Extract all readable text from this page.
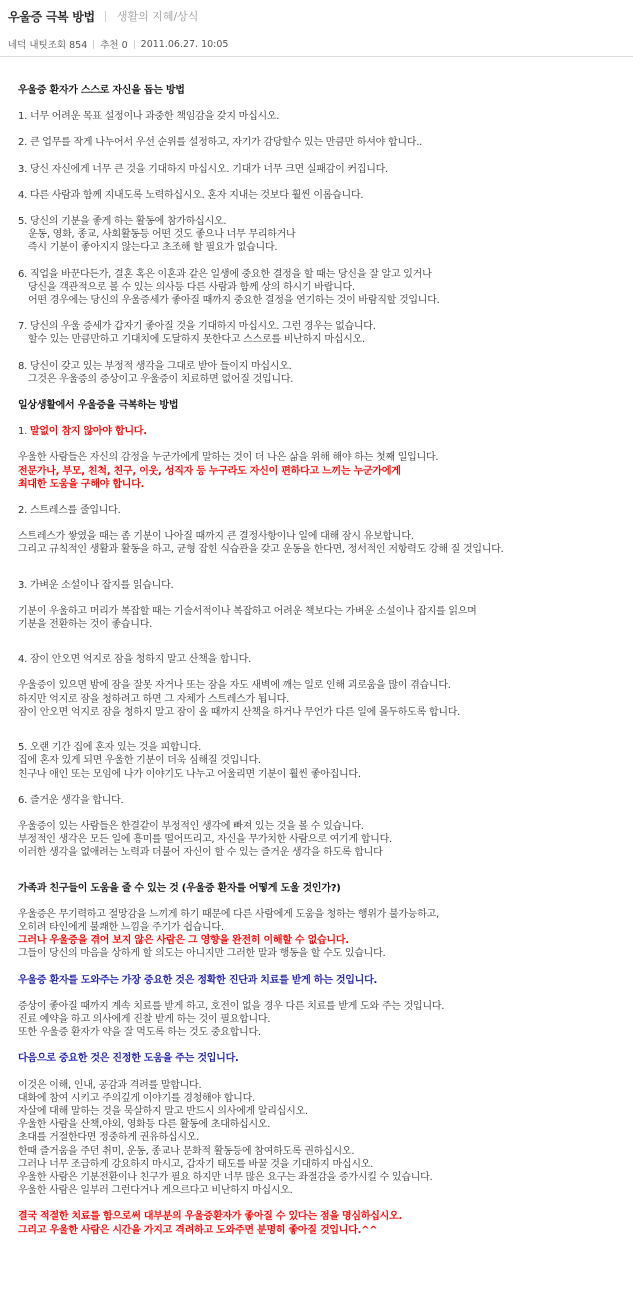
우울증 극복 방법 생활의 지혜/상식
네덕 내팃조회 854 추천 0 2011.06.27. 10:05
우울증 환자가 스스로 자신을 돕는 방법
1. 너무 어려운 목표 설정이나 과중한 책임감을 갖지 마십시오.
2. 큰 업무를 작게 나누어서 우선 순위를 설정하고, 자기가 감당할수 있는 만큼만 하셔야 합니다..
3. 당신 자신에게 너무 큰 것을 기대하지 마십시오. 기대가 너무 크면 실패감이 커집니다.
4. 다른 사람과 함께 지내도록 노력하십시오. 혼자 지내는 것보다 훨씬 이롭습니다.
5. 당신의 기분을 좋게 하는 활동에 참가하십시오.
운동, 영화, 종교, 사회활동등 어떤 것도 좋으나 너무 무리하거나
즉시 기분이 좋아지지 않는다고 초조해 할 필요가 없습니다.
6. 직업을 바꾼다든가, 결혼 혹은 이혼과 같은 일생에 중요한 결정을 할 때는 당신을 잘 알고 있거나
당신을 객관적으로 볼 수 있는 의사등 다른 사람과 함께 상의 하시기 바랍니다.
어떤 경우에는 당신의 우울증세가 좋아질 때까지 중요한 결정을 연기하는 것이 바람직할 것입니다.
7. 당신의 우울 증세가 갑자기 좋아질 것을 기대하지 마십시오. 그런 경우는 없습니다.
할수 있는 만큼만하고 기대치에 도달하지 못한다고 스스로를 비난하지 마십시오.
8. 당신이 갖고 있는 부정적 생각을 그대로 받아 들이지 마십시오.
그것은 우울증의 증상이고 우울증이 치료하면 없어질 것입니다.
일상생활에서 우울증을 극복하는 방법
1. 말없이 참지 않아야 합니다.
우울한 사람들은 자신의 감정을 누군가에게 말하는 것이 더 나은 삶을 위해 해야 하는 첫째 일입니다.
전문가나, 부모, 친척, 친구, 이웃, 성직자 등 누구라도 자신이 편하다고 느끼는 누군가에게
최대한 도움을 구해야 합니다.
2. 스트레스를 줄입니다.
스트레스가 쌓였을 때는 좀 기분이 나아질 때까지 큰 결정사항이나 일에 대해 잠시 유보합니다.
그리고 규칙적인 생활과 활동을 하고, 균형 잡힌 식습관을 갖고 운동을 한다면, 정서적인 저항력도 강해 질 것입니다.
3. 가벼운 소설이나 잡지를 읽습니다.
기분이 우울하고 머리가 복잡할 때는 기술서적이나 복잡하고 어려운 책보다는 가벼운 소설이나 잡지를 읽으며
기분을 전환하는 것이 좋습니다.
4. 잠이 안오면 억지로 잠을 청하지 말고 산책을 합니다.
우울증이 있으면 밤에 잠을 잘못 자거나 또는 잠을 자도 새벽에 깨는 일로 인해 괴로움을 많이 겪습니다.
하지만 억지로 잠을 청하려고 하면 그 자체가 스트레스가 됩니다.
잠이 안오면 억지로 잠을 청하지 말고 잠이 올 때까지 산책을 하거나 무언가 다른 일에 몰두하도록 합니다.
5. 오랜 기간 집에 혼자 있는 것을 피합니다.
집에 혼자 있게 되면 우울한 기분이 더욱 심해질 것입니다.
친구나 애인 또는 모임에 나가 이야기도 나누고 어울리면 기분이 훨씬 좋아집니다.
6. 즐거운 생각을 합니다.
우울증이 있는 사람들은 한결같이 부정적인 생각에 빠져 있는 것을 볼 수 있습니다.
부정적인 생각은 모든 일에 흥미를 떨어뜨리고, 자신을 무가치한 사람으로 여기게 합니다.
이러한 생각을 없애려는 노력과 더불어 자신이 할 수 있는 즐거운 생각을 하도록 합니다
가족과 친구들이 도움을 줄 수 있는 것 (우울증 환자를 어떻게 도울 것인가?)
우울증은 무기력하고 절망감을 느끼게 하기 때문에 다른 사람에게 도움을 청하는 행위가 불가능하고,
오히려 타인에게 불쾌한 느낌을 주기가 쉽습니다.
그러나 우울증을 겪어 보지 않은 사람은 그 영향을 완전히 이해할 수 없습니다.
그들이 당신의 마음을 상하게 할 의도는 아니지만 그러한 말과 행동을 할 수도 있습니다.
우울증 환자를 도와주는 가장 중요한 것은 정확한 진단과 치료를 받게 하는 것입니다.
증상이 좋아질 때까지 계속 치료를 받게 하고, 호전이 없을 경우 다른 치료를 받게 도와 주는 것입니다.
진료 예약을 하고 의사에게 진찰 받게 하는 것이 필요합니다.
또한 우울증 환자가 약을 잘 먹도록 하는 것도 중요합니다.
다음으로 중요한 것은 진정한 도움을 주는 것입니다.
이것은 이해, 인내, 공감과 격려를 말합니다.
대화에 참여 시키고 주의깊게 이야기를 경청해야 합니다.
자살에 대해 말하는 것을 묵살하지 말고 반드시 의사에게 알리십시오.
우울한 사람을 산책,야외, 영화등 다른 활동에 초대하십시오.
초대를 거절한다면 정중하게 권유하십시오.
한때 즐거움을 주던 취미, 운동, 종교나 문화적 활동등에 참여하도록 권하십시오.
그러나 너무 조급하게 강요하지 마시고, 갑자기 태도를 바꿀 것을 기대하지 마십시오.
우울한 사람은 기분전환이나 친구가 필요 하지만 너무 많은 요구는 좌절감을 증가시킬 수 있습니다.
우울한 사람은 일부러 그런다거나 게으르다고 비난하지 마십시오.
결국 적절한 치료를 함으로써 대부분의 우울증환자가 좋아질 수 있다는 점을 명심하십시오.
그리고 우울한 사람은 시간을 가지고 격려하고 도와주면 분명히 좋아질 것입니다.^^
